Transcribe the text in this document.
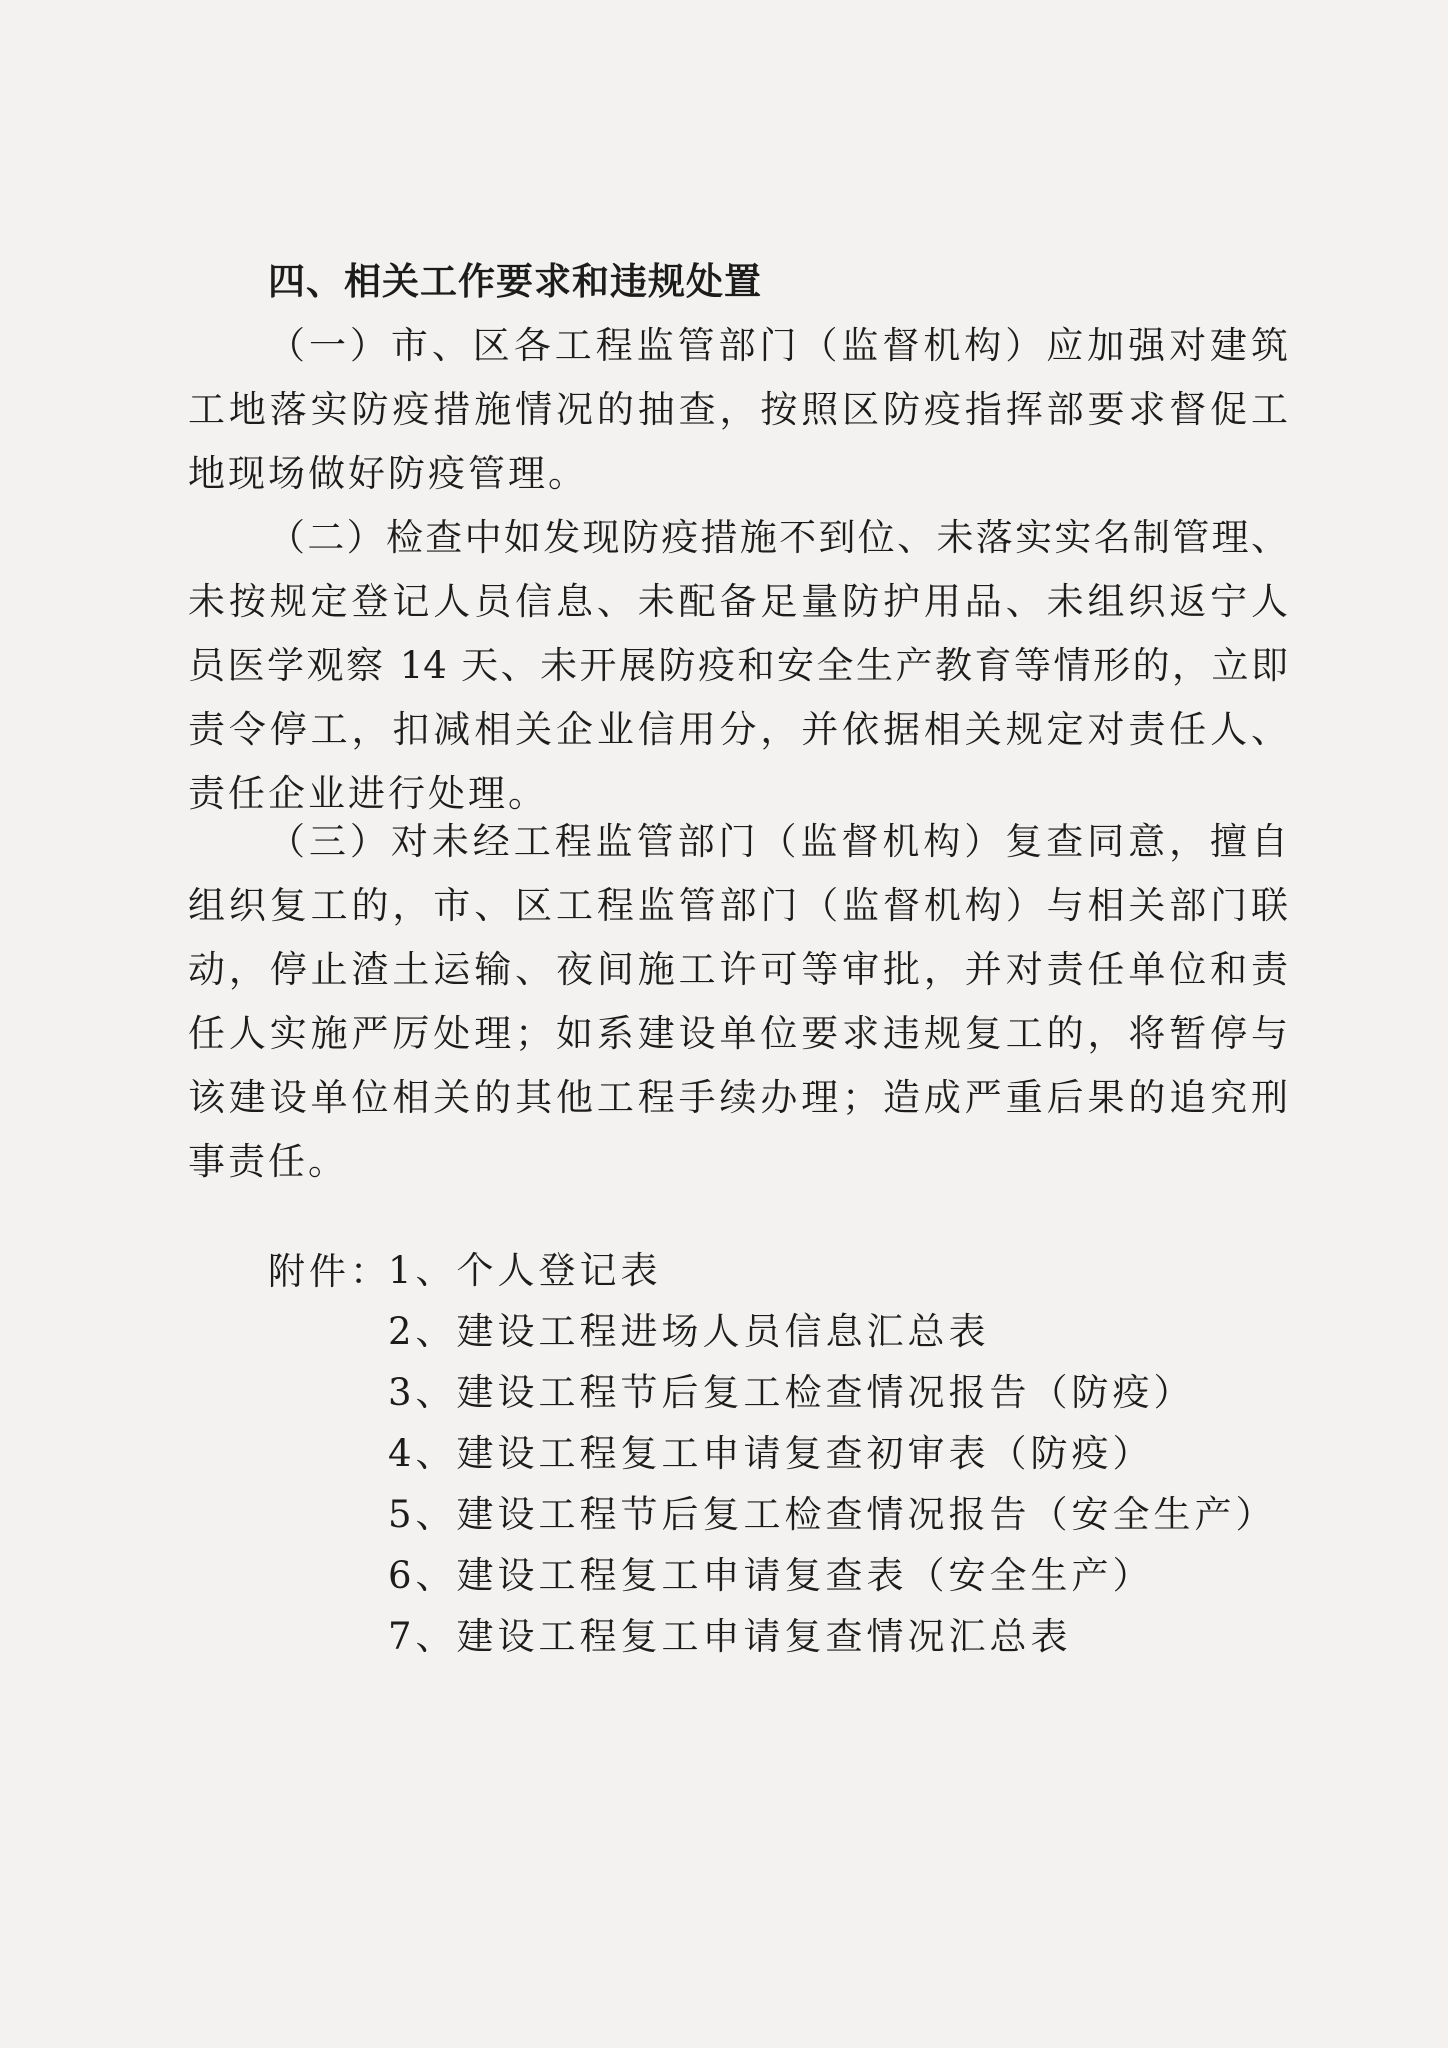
四、相关工作要求和违规处置
（一）市、区各工程监管部门（监督机构）应加强对建筑
工地落实防疫措施情况的抽查，按照区防疫指挥部要求督促工
地现场做好防疫管理。
（二）检查中如发现防疫措施不到位、未落实实名制管理、
未按规定登记人员信息、未配备足量防护用品、未组织返宁人
员医学观察 14 天、未开展防疫和安全生产教育等情形的，立即
责令停工，扣减相关企业信用分，并依据相关规定对责任人、
责任企业进行处理。
（三）对未经工程监管部门（监督机构）复查同意，擅自
组织复工的，市、区工程监管部门（监督机构）与相关部门联
动，停止渣土运输、夜间施工许可等审批，并对责任单位和责
任人实施严厉处理；如系建设单位要求违规复工的，将暂停与
该建设单位相关的其他工程手续办理；造成严重后果的追究刑
事责任。
附件：
1、个人登记表
2、建设工程进场人员信息汇总表
3、建设工程节后复工检查情况报告（防疫）
4、建设工程复工申请复查初审表（防疫）
5、建设工程节后复工检查情况报告（安全生产）
6、建设工程复工申请复查表（安全生产）
7、建设工程复工申请复查情况汇总表
